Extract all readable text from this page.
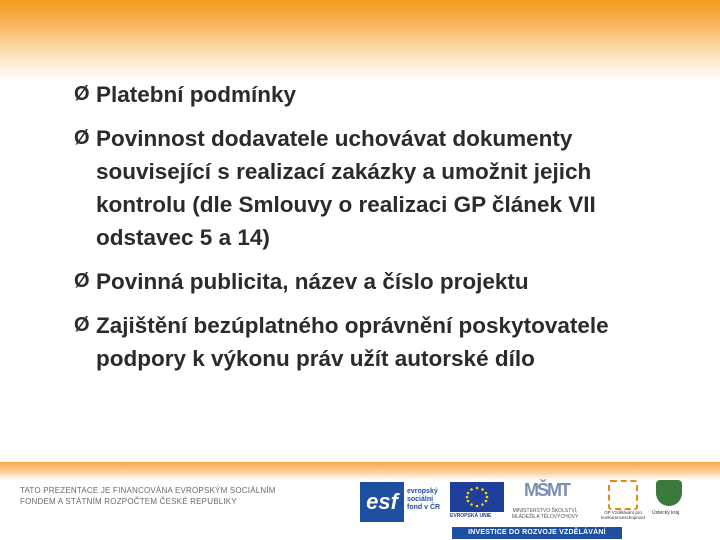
Ø Platební podmínky
Ø Povinnost dodavatele uchovávat dokumenty související s realizací zakázky a umožnit jejich kontrolu (dle Smlouvy o realizaci GP článek VII odstavec 5 a 14)
Ø Povinná publicita, název a číslo projektu
Ø Zajištění bezúplatného oprávnění poskytovatele podpory k výkonu práv užít autorské dílo
TATO PREZENTACE JE FINANCOVÁNA EVROPSKÝM SOCIÁLNÍM
FONDEM A STÁTNÍM ROZPOČTEM ČESKÉ REPUBLIKY	esf	evropský sociální fond v ČR
EVROPSKÁ UNIE
MŠMT
MINISTERSTVO ŠKOLSTVÍ, MLÁDEŽE A TĚLOVÝCHOVY
OP Vzdělávání pro konkurenceschopnost
Ústecký kraj
INVESTICE DO ROZVOJE VZDĚLÁVÁNÍ
